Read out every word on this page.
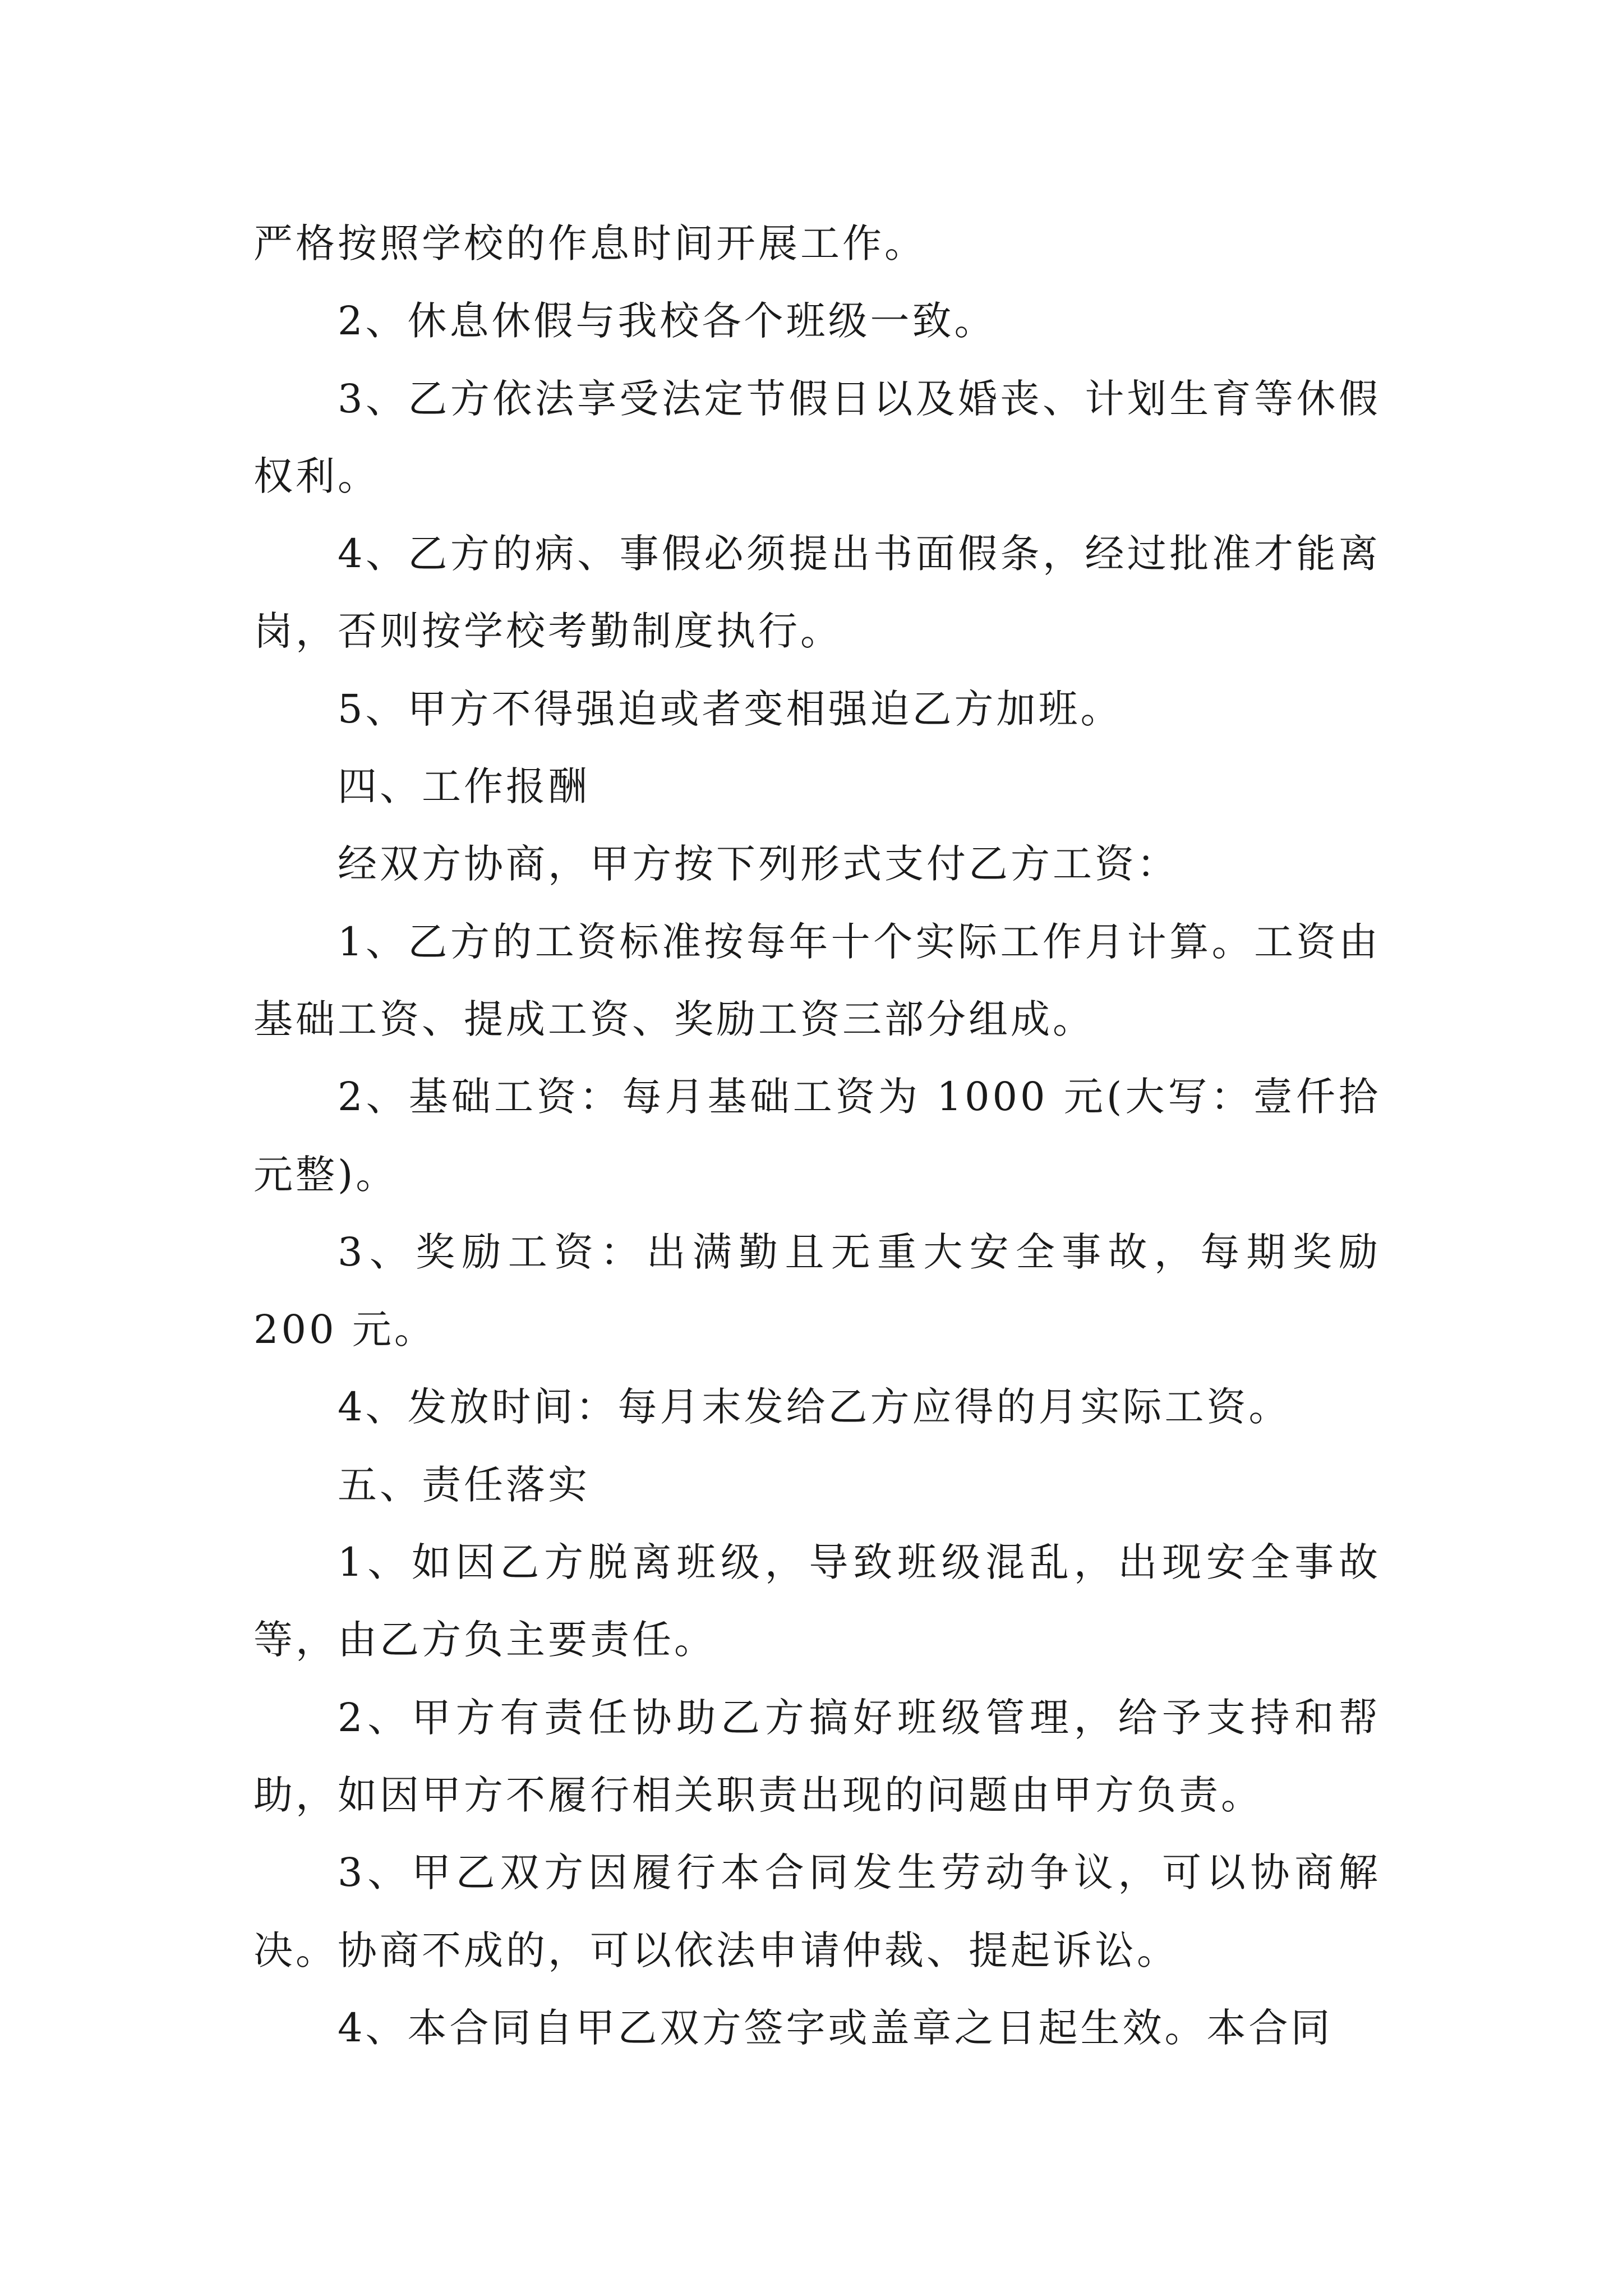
严格按照学校的作息时间开展工作。

2、休息休假与我校各个班级一致。

3、乙方依法享受法定节假日以及婚丧、计划生育等休假权利。

4、乙方的病、事假必须提出书面假条，经过批准才能离岗，否则按学校考勤制度执行。

5、甲方不得强迫或者变相强迫乙方加班。

四、工作报酬

经双方协商，甲方按下列形式支付乙方工资：

1、乙方的工资标准按每年十个实际工作月计算。工资由基础工资、提成工资、奖励工资三部分组成。

2、基础工资：每月基础工资为 1000 元(大写：壹仟拾元整)。

3、奖励工资：出满勤且无重大安全事故，每期奖励 200 元。

4、发放时间：每月末发给乙方应得的月实际工资。

五、责任落实

1、如因乙方脱离班级，导致班级混乱，出现安全事故等，由乙方负主要责任。

2、甲方有责任协助乙方搞好班级管理，给予支持和帮助，如因甲方不履行相关职责出现的问题由甲方负责。

3、甲乙双方因履行本合同发生劳动争议，可以协商解决。协商不成的，可以依法申请仲裁、提起诉讼。

4、本合同自甲乙双方签字或盖章之日起生效。本合同
